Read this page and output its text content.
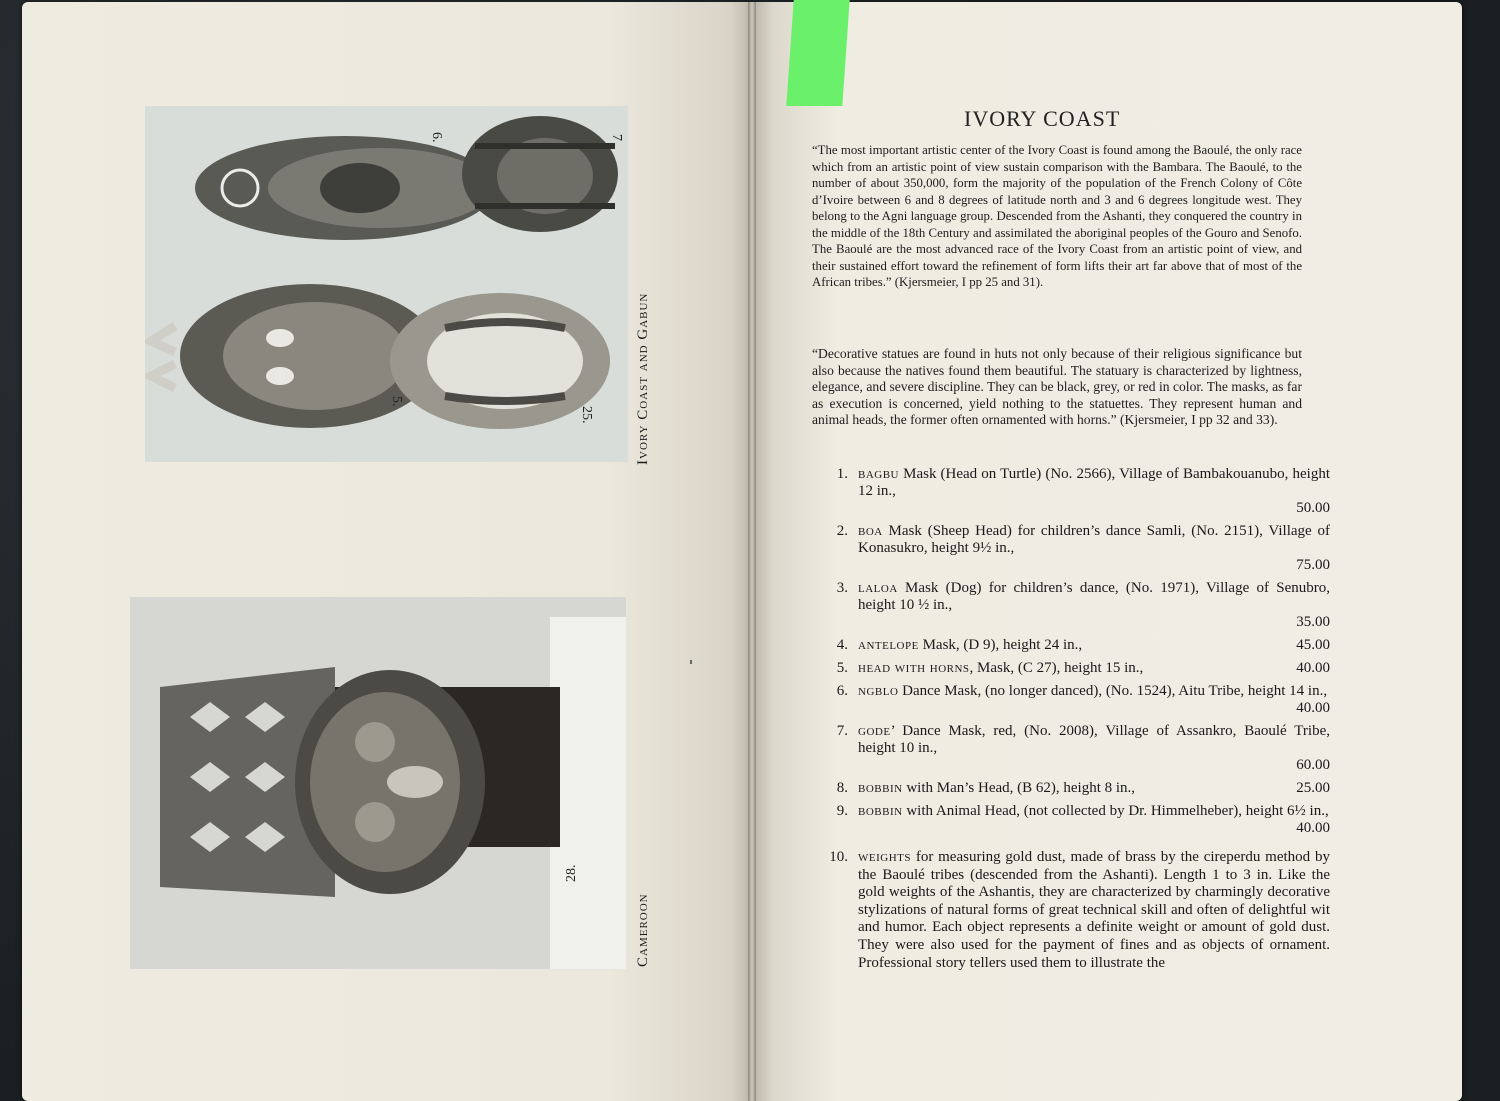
6.	7
5.
25.	Ivory Coast and Gabun
28.
Cameroon
IVORY COAST

“The most important artistic center of the Ivory Coast is found among the Baoulé, the only race which from an artistic point of view sustain comparison with the Bambara. The Baoulé, to the number of about 350,000, form the majority of the population of the French Colony of Côte d’Ivoire between 6 and 8 degrees of latitude north and 3 and 6 degrees longitude west. They belong to the Agni language group. Descended from the Ashanti, they conquered the country in the middle of the 18th Century and assimilated the aboriginal peoples of the Gouro and Senofo. The Baoulé are the most advanced race of the Ivory Coast from an artistic point of view, and their sustained effort toward the refinement of form lifts their art far above that of most of the African tribes.” (Kjersmeier, I pp 25 and 31).

“Decorative statues are found in huts not only because of their religious significance but also because the natives found them beautiful. The statuary is characterized by lightness, elegance, and severe discipline. They can be black, grey, or red in color. The masks, as far as execution is concerned, yield nothing to the statuettes. They represent human and animal heads, the former often ornamented with horns.” (Kjersmeier, I pp 32 and 33).

1. bagbu Mask (Head on Turtle) (No. 2566), Village of Bambakouanubo, height 12 in.,
50.00
2. boa Mask (Sheep Head) for children’s dance Samli, (No. 2151), Village of Konasukro, height 9½ in.,
75.00
3. laloa Mask (Dog) for children’s dance, (No. 1971), Village of Senubro, height 10 ½ in.,
35.00
4. antelope Mask, (D 9), height 24 in.,	45.00
5. head with horns, Mask, (C 27), height 15 in.,	40.00
6. ngblo Dance Mask, (no longer danced), (No. 1524), Aitu Tribe, height 14 in.,
40.00
7. gode’ Dance Mask, red, (No. 2008), Village of Assankro, Baoulé Tribe, height 10 in.,
60.00
8. bobbin with Man’s Head, (B 62), height 8 in.,	25.00
9. bobbin with Animal Head, (not collected by Dr. Himmelheber), height 6½ in.,
40.00
10. weights for measuring gold dust, made of brass by the cireperdu method by the Baoulé tribes (descended from the Ashanti). Length 1 to 3 in. Like the gold weights of the Ashantis, they are characterized by charmingly decorative stylizations of natural forms of great technical skill and often of delightful wit and humor. Each object represents a definite weight or amount of gold dust. They were also used for the payment of fines and as objects of ornament. Professional story tellers used them to illustrate the
